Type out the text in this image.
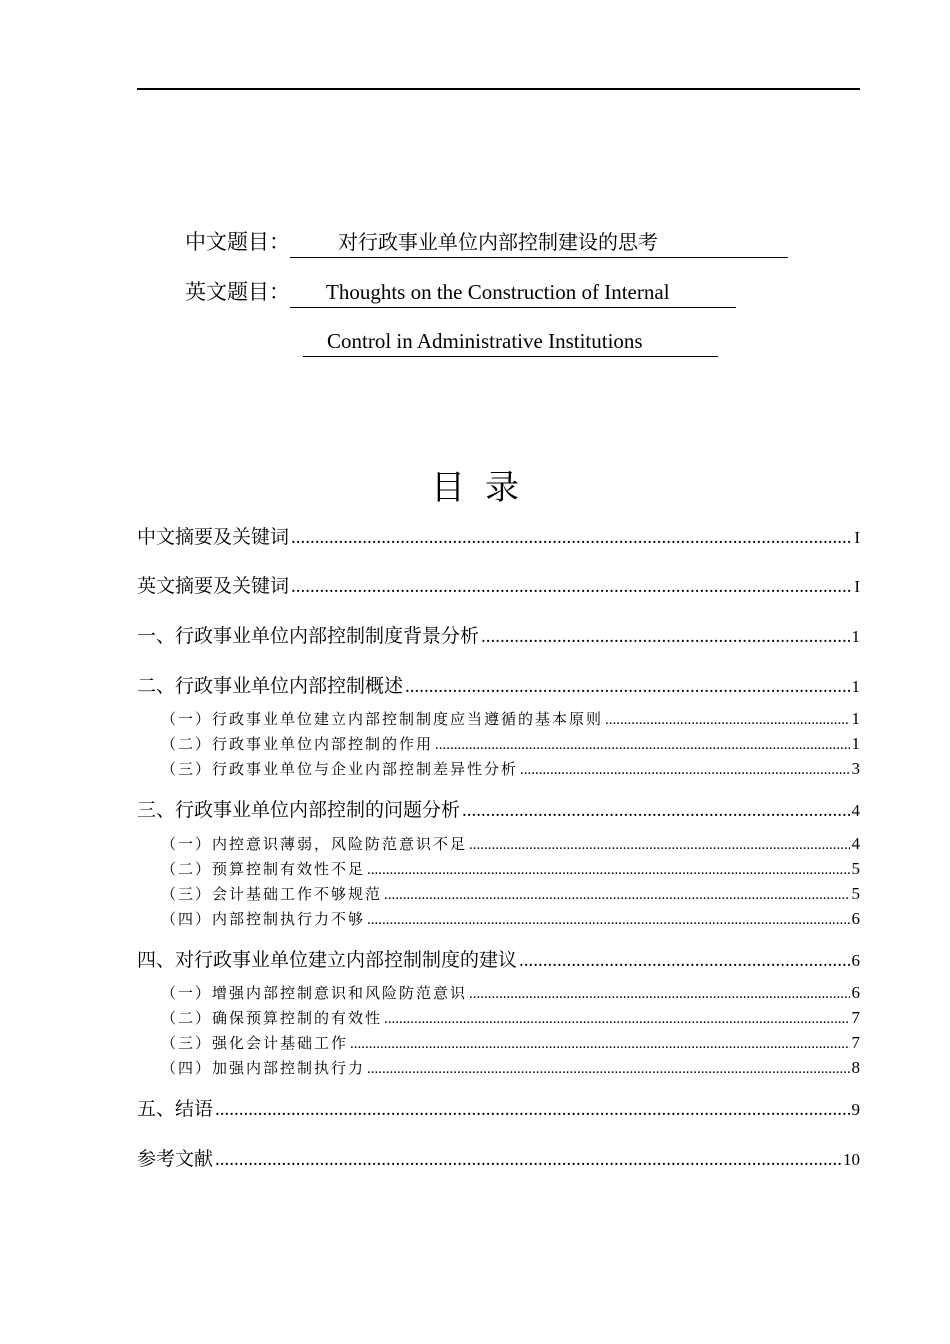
中文题目： 对行政事业单位内部控制建设的思考
英文题目： Thoughts on the Construction of Internal
Control in Administrative Institutions
目录
中文摘要及关键词 .....	I
英文摘要及关键词 .....	I
一、行政事业单位内部控制制度背景分析 .....	1
二、行政事业单位内部控制概述 .....	1
（一）行政事业单位建立内部控制制度应当遵循的基本原则 .....	1
（二）行政事业单位内部控制的作用 .....	1
（三）行政事业单位与企业内部控制差异性分析 .....	3
三、行政事业单位内部控制的问题分析 .....	4
（一）内控意识薄弱，风险防范意识不足 .....	4
（二）预算控制有效性不足 .....	5
（三）会计基础工作不够规范 .....	5
（四）内部控制执行力不够 .....	6
四、对行政事业单位建立内部控制制度的建议 .....	6
（一）增强内部控制意识和风险防范意识 .....	6
（二）确保预算控制的有效性 .....	7
（三）强化会计基础工作 .....	7
（四）加强内部控制执行力 .....	8
五、结语 .....	9
参考文献 .....	10
